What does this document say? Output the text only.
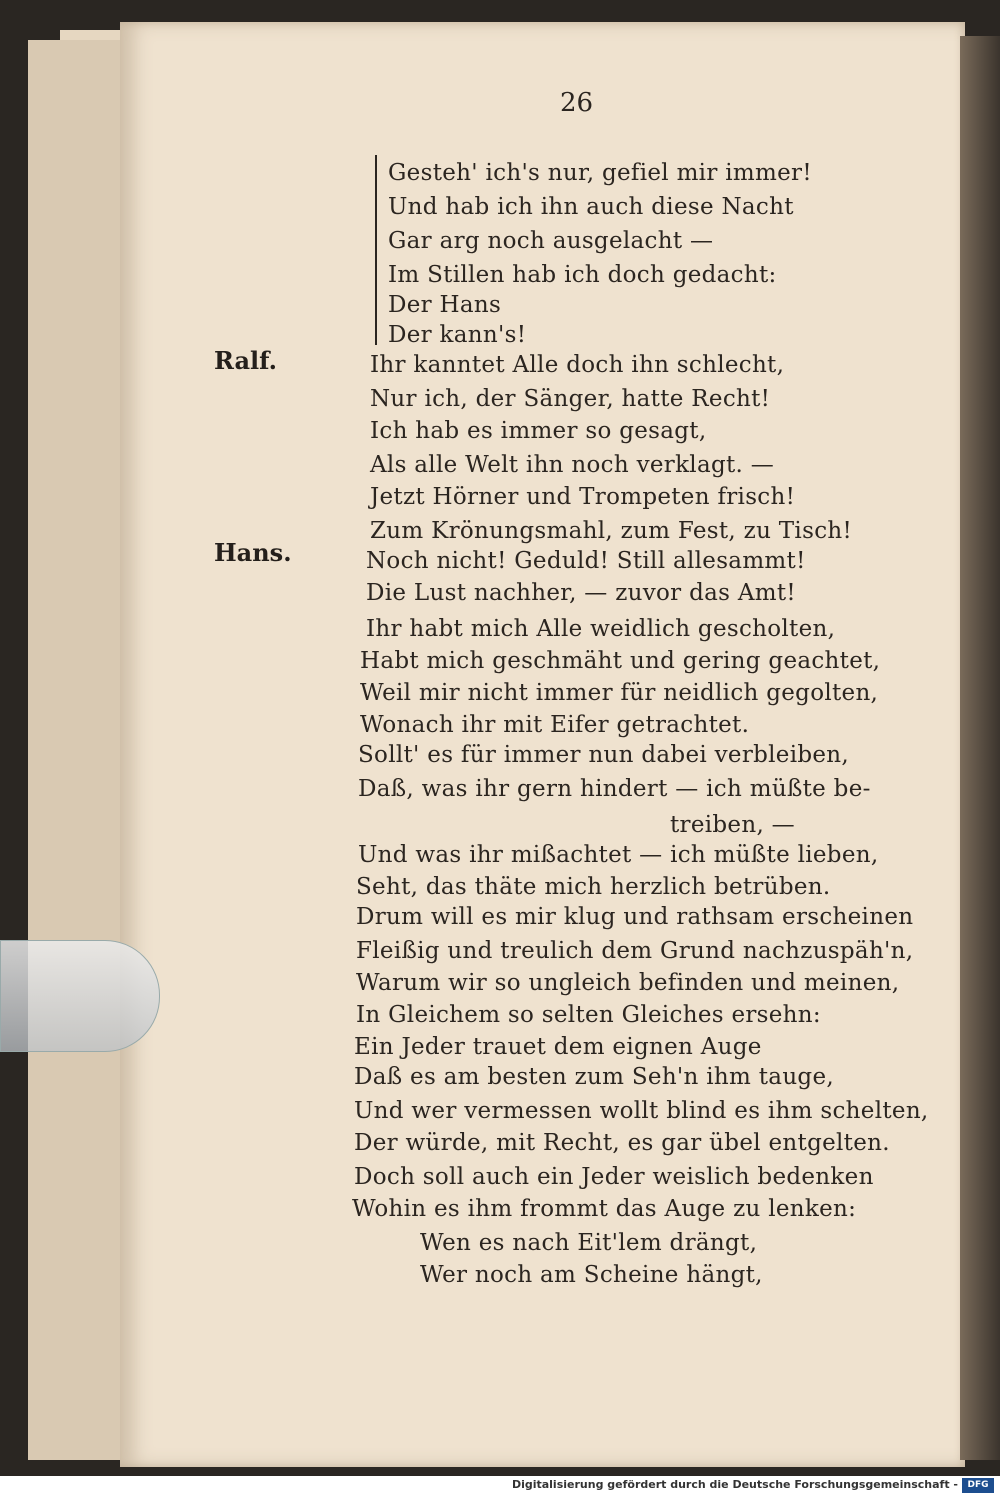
26
Ralf.
Hans.
Gesteh' ich's nur, gefiel mir immer!
Und hab ich ihn auch diese Nacht
Gar arg noch ausgelacht —
Im Stillen hab ich doch gedacht:
Der Hans
Der kann's!
Ihr kanntet Alle doch ihn schlecht,
Nur ich, der Sänger, hatte Recht!
Ich hab es immer so gesagt,
Als alle Welt ihn noch verklagt. —
Jetzt Hörner und Trompeten frisch!
Zum Krönungsmahl, zum Fest, zu Tisch!
Noch nicht! Geduld! Still allesammt!
Die Lust nachher, — zuvor das Amt!
Ihr habt mich Alle weidlich gescholten,
Habt mich geschmäht und gering geachtet,
Weil mir nicht immer für neidlich gegolten,
Wonach ihr mit Eifer getrachtet.
Sollt' es für immer nun dabei verbleiben,
Daß, was ihr gern hindert — ich müßte be-
treiben, —
Und was ihr mißachtet — ich müßte lieben,
Seht, das thäte mich herzlich betrüben.
Drum will es mir klug und rathsam erscheinen
Fleißig und treulich dem Grund nachzuspäh'n,
Warum wir so ungleich befinden und meinen,
In Gleichem so selten Gleiches ersehn:
Ein Jeder trauet dem eignen Auge
Daß es am besten zum Seh'n ihm tauge,
Und wer vermessen wollt blind es ihm schelten,
Der würde, mit Recht, es gar übel entgelten.
Doch soll auch ein Jeder weislich bedenken
Wohin es ihm frommt das Auge zu lenken:
Wen es nach Eit'lem drängt,
Wer noch am Scheine hängt,
Digitalisierung gefördert durch die Deutsche Forschungsgemeinschaft -	DFG
